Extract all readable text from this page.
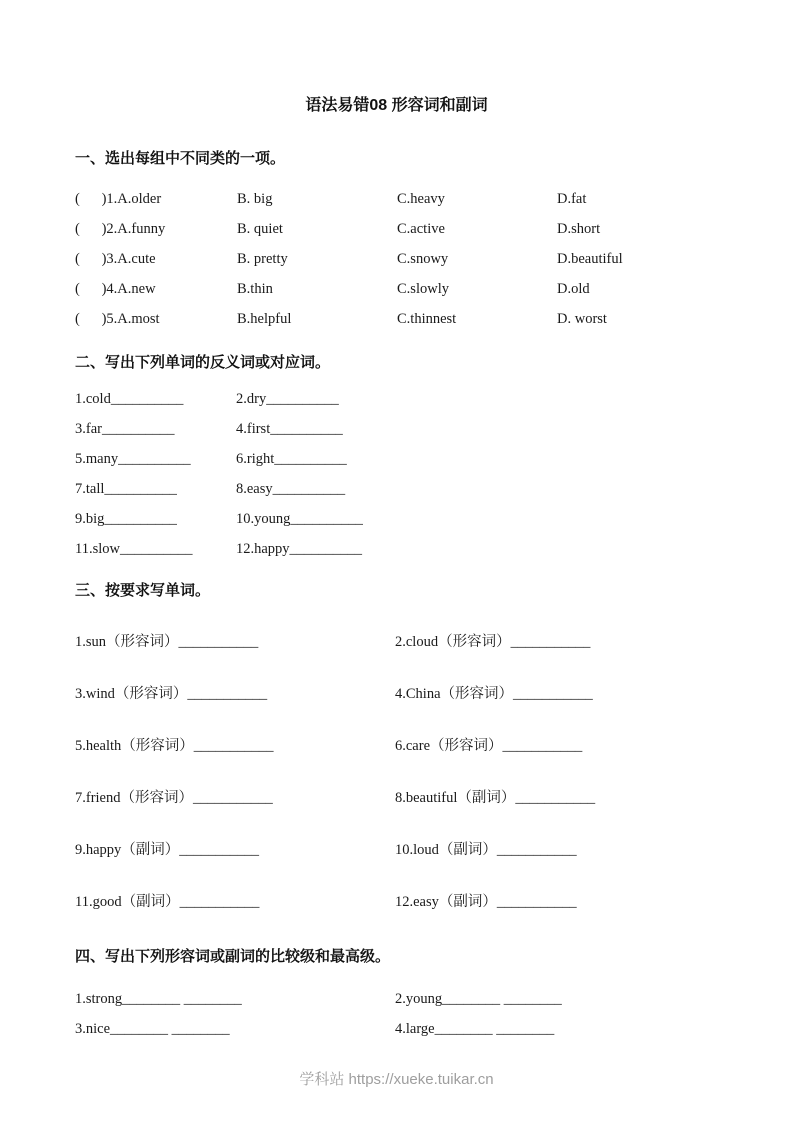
语法易错08 形容词和副词
一、选出每组中不同类的一项。
(      )1.A.older	B. big	C.heavy	D.fat
(      )2.A.funny	B. quiet	C.active	D.short
(      )3.A.cute	B. pretty	C.snowy	D.beautiful
(      )4.A.new	B.thin	C.slowly	D.old
(      )5.A.most	B.helpful	C.thinnest	D. worst
二、写出下列单词的反义词或对应词。
1.cold__________	2.dry__________
3.far__________	4.first__________
5.many__________	6.right__________
7.tall__________	8.easy__________
9.big__________	10.young__________
11.slow__________	12.happy__________
三、按要求写单词。
1.sun（形容词）___________	2.cloud（形容词）___________
3.wind（形容词）___________	4.China（形容词）___________
5.health（形容词）___________	6.care（形容词）___________
7.friend（形容词）___________	8.beautiful（副词）___________
9.happy（副词）___________	10.loud（副词）___________
11.good（副词）___________	12.easy（副词）___________
四、写出下列形容词或副词的比较级和最高级。
1.strong________ ________	2.young________ ________
3.nice________ ________	4.large________ ________
学科站 https://xueke.tuikar.cn
